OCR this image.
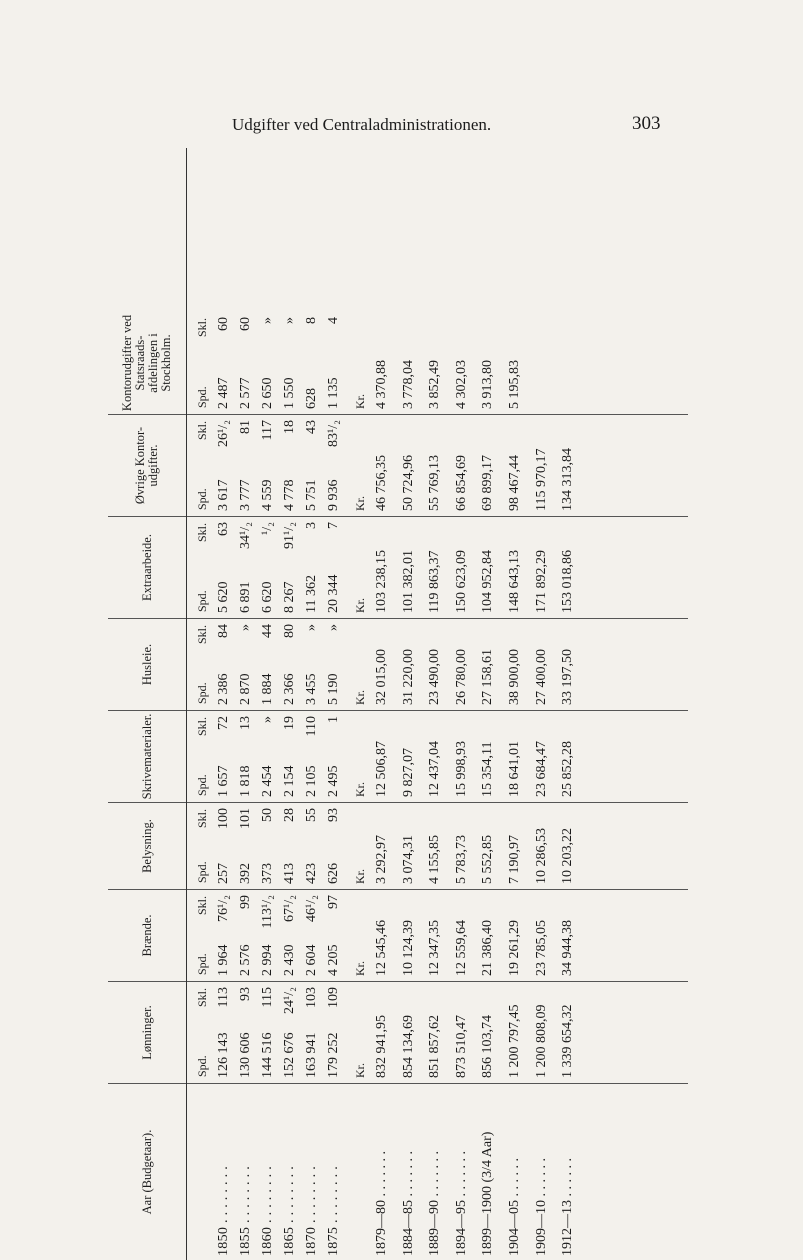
Udgifter ved Centraladministrationen.	303
Aar (Budgetaar).
Lønninger.
Brænde.
Belysning.
Skrivematerialer.
Husleie.
Extraarbeide.
Øvrige Kontor- udgifter.
Kontorudgifter ved Statsraads- afdelingen i Stockholm.
1850 . . . . . . . . 1855 . . . . . . . . 1860 . . . . . . . . 1865 . . . . . . . . 1870 . . . . . . . . 1875 . . . . . . . .	1879—80 . . . . . . . 1884—85 . . . . . . . 1889—90 . . . . . . . 1894—95 . . . . . . . 1899—1900 (3/4 Aar) 1904—05 . . . . . . 1909—10 . . . . . . 1912—13 . . . . . .
Spd.
Skl.
126 143
113
130 606
93
144 516
115
152 676
24¹/₂
163 941
103
179 252
109
Kr. 832 941,95 854 134,69 851 857,62 873 510,47 856 103,74 1 200 797,45 1 200 808,09 1 339 654,32
Spd.
Skl.
1 964
76¹/₂
2 576
99
2 994
113¹/₂
2 430
67¹/₂
2 604
46¹/₂
4 205
97
Kr. 12 545,46 10 124,39 12 347,35 12 559,64 21 386,40 19 261,29 23 785,05 34 944,38
Spd.
Skl.
257
100
392
101
373
50
413
28
423
55
626
93
Kr. 3 292,97 3 074,31 4 155,85 5 783,73 5 552,85 7 190,97 10 286,53 10 203,22
Spd.
Skl.
1 657
72
1 818
13
2 454
»
2 154
19
2 105
110
2 495
1
Kr. 12 506,87 9 827,07 12 437,04 15 998,93 15 354,11 18 641,01 23 684,47 25 852,28
Spd.
Skl.
2 386
84
2 870
»
1 884
44
2 366
80
3 455
»
5 190
»
Kr. 32 015,00 31 220,00 23 490,00 26 780,00 27 158,61 38 900,00 27 400,00 33 197,50
Spd.
Skl.
5 620
63
6 891
34¹/₂
6 620
¹/₂
8 267
91¹/₂
11 362
3
20 344
7
Kr. 103 238,15 101 382,01 119 863,37 150 623,09 104 952,84 148 643,13 171 892,29 153 018,86
Spd.
Skl.
3 617
26¹/₂
3 777
81
4 559
117
4 778
18
5 751
43
9 936
83¹/₂
Kr. 46 756,35 50 724,96 55 769,13 66 854,69 69 899,17 98 467,44 115 970,17 134 313,84
Spd.
Skl.
2 487
60
2 577
60
2 650
»
1 550
»
628
8
1 135
4
Kr. 4 370,88 3 778,04 3 852,49 4 302,03 3 913,80 5 195,83
